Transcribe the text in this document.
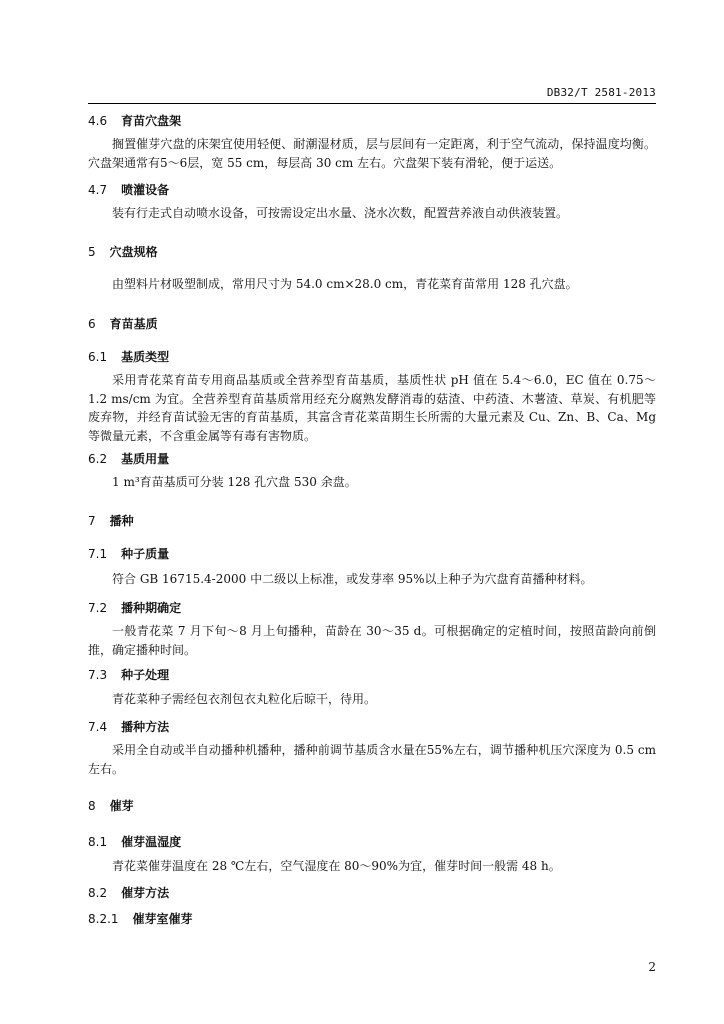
DB32/T 2581-2013
4.6 育苗穴盘架
搁置催芽穴盘的床架宜使用轻便、耐潮湿材质，层与层间有一定距离，利于空气流动，保持温度均衡。穴盘架通常有5～6层，宽 55 cm，每层高 30 cm 左右。穴盘架下装有滑轮，便于运送。
4.7 喷灌设备
装有行走式自动喷水设备，可按需设定出水量、浇水次数，配置营养液自动供液装置。
5 穴盘规格
由塑料片材吸塑制成，常用尺寸为 54.0 cm×28.0 cm，青花菜育苗常用 128 孔穴盘。
6 育苗基质
6.1 基质类型
采用青花菜育苗专用商品基质或全营养型育苗基质，基质性状 pH 值在 5.4～6.0，EC 值在 0.75～1.2 ms/cm 为宜。全营养型育苗基质常用经充分腐熟发酵消毒的菇渣、中药渣、木薯渣、草炭、有机肥等废弃物，并经育苗试验无害的育苗基质，其富含青花菜苗期生长所需的大量元素及 Cu、Zn、B、Ca、Mg 等微量元素，不含重金属等有毒有害物质。
6.2 基质用量
1 m³育苗基质可分装 128 孔穴盘 530 余盘。
7 播种
7.1 种子质量
符合 GB 16715.4-2000 中二级以上标准，或发芽率 95%以上种子为穴盘育苗播种材料。
7.2 播种期确定
一般青花菜 7 月下旬～8 月上旬播种，苗龄在 30～35 d。可根据确定的定植时间，按照苗龄向前倒推，确定播种时间。
7.3 种子处理
青花菜种子需经包衣剂包衣丸粒化后晾干，待用。
7.4 播种方法
采用全自动或半自动播种机播种，播种前调节基质含水量在55%左右，调节播种机压穴深度为 0.5 cm 左右。
8 催芽
8.1 催芽温湿度
青花菜催芽温度在 28 ℃左右，空气湿度在 80～90%为宜，催芽时间一般需 48 h。
8.2 催芽方法
8.2.1 催芽室催芽
2
